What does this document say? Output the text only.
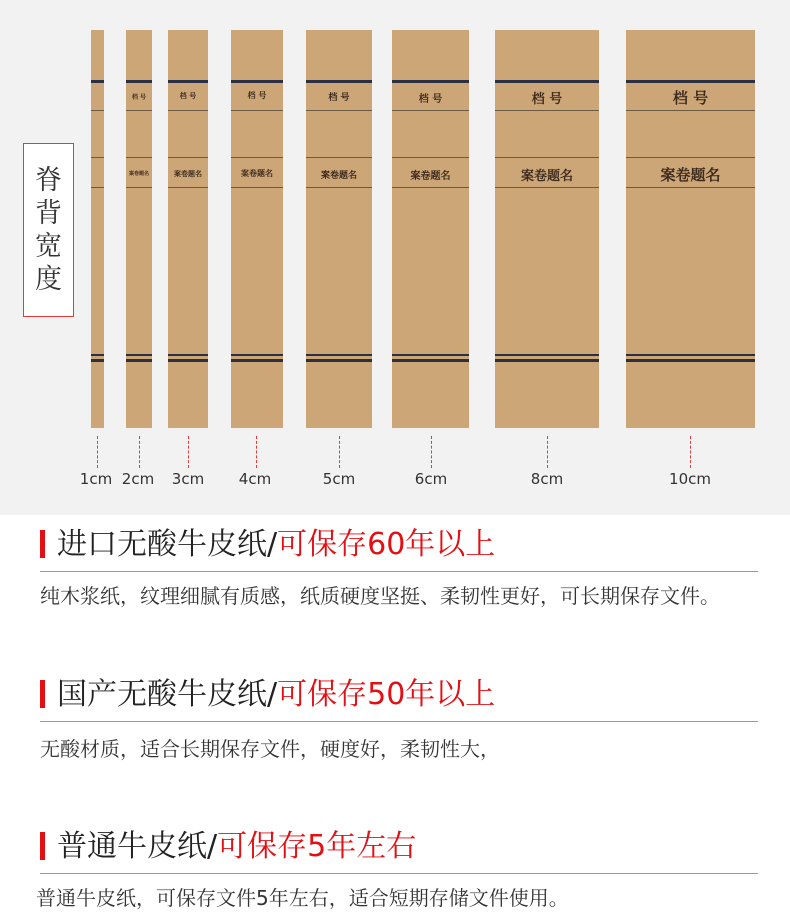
脊
背
宽
度
档 号
案卷题名
档 号
案卷题名
档 号
案卷题名
档 号
案卷题名
档 号
案卷题名
档 号
案卷题名
档 号
案卷题名
1cm 2cm 3cm 4cm	5cm	6cm	8cm	10cm
进口无酸牛皮纸/可保存60年以上
纯木浆纸，纹理细腻有质感，纸质硬度坚挺、柔韧性更好，可长期保存文件。
国产无酸牛皮纸/可保存50年以上
无酸材质，适合长期保存文件，硬度好，柔韧性大，
普通牛皮纸/可保存5年左右
普通牛皮纸，可保存文件5年左右，适合短期存储文件使用。
